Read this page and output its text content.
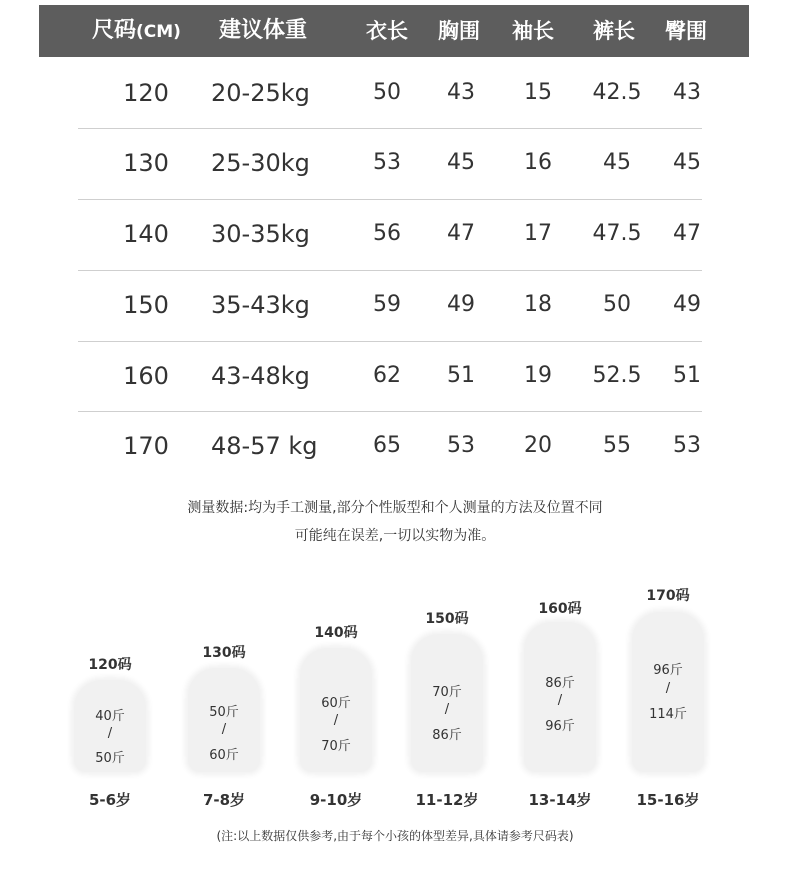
尺码(CM) 建议体重	衣长	胸围	袖长	裤长	臀围
120 20-25kg	50	43	15	42.5	43
130 25-30kg	53	45	16	45	45
140 30-35kg	56	47	17	47.5	47
150 35-43kg	59	49	18	50	49
160 43-48kg	62	51	19	52.5	51
170 48-57 kg	65	53	20	55	53
测量数据:均为手工测量,部分个性版型和个人测量的方法及位置不同
可能纯在误差,一切以实物为准。
120码
40斤
/
50斤
5-6岁
130码
50斤
/
60斤
7-8岁
140码
60斤
/
70斤
9-10岁
150码
70斤
/
86斤
11-12岁
160码
86斤
/
96斤
13-14岁
170码
96斤
/
114斤
15-16岁
(注:以上数据仅供参考,由于每个小孩的体型差异,具体请参考尺码表)
